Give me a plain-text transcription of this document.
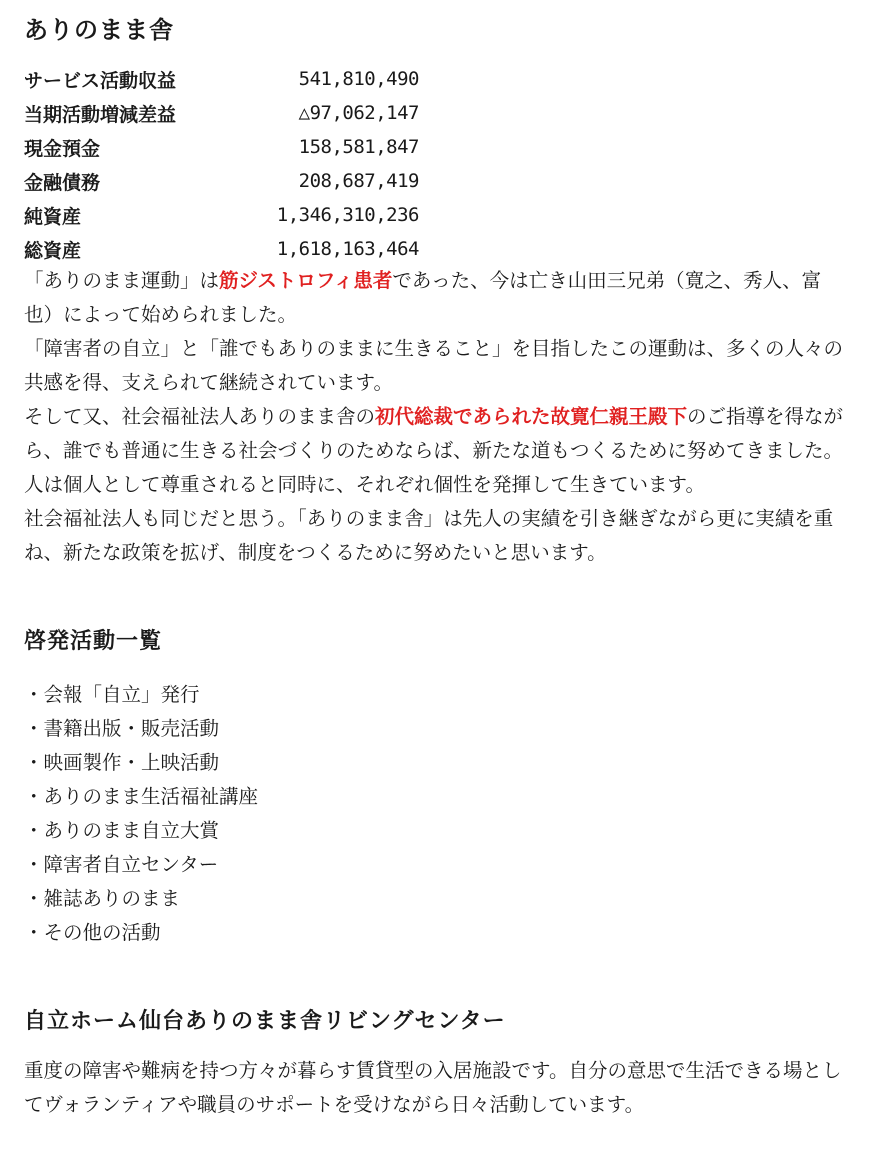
ありのまま舎
サービス活動収益	541,810,490
当期活動増減差益	△97,062,147
現金預金	158,581,847
金融債務	208,687,419
純資産	1,346,310,236
総資産	1,618,163,464

「ありのまま運動」は筋ジストロフィ患者であった、今は亡き山田三兄弟（寛之、秀人、富也）によって始められました。

「障害者の自立」と「誰でもありのままに生きること」を目指したこの運動は、多くの人々の共感を得、支えられて継続されています。

そして又、社会福祉法人ありのまま舎の初代総裁であられた故寛仁親王殿下のご指導を得ながら、誰でも普通に生きる社会づくりのためならば、新たな道もつくるために努めてきました。

人は個人として尊重されると同時に、それぞれ個性を発揮して生きています。

社会福祉法人も同じだと思う。「ありのまま舎」は先人の実績を引き継ぎながら更に実績を重ね、新たな政策を拡げ、制度をつくるために努めたいと思います。

啓発活動一覧
・会報「自立」発行
・書籍出版・販売活動
・映画製作・上映活動
・ありのまま生活福祉講座
・ありのまま自立大賞
・障害者自立センター
・雑誌ありのまま
・その他の活動
自立ホーム仙台ありのまま舎リビングセンター

重度の障害や難病を持つ方々が暮らす賃貸型の入居施設です。自分の意思で生活できる場としてヴォランティアや職員のサポートを受けながら日々活動しています。
